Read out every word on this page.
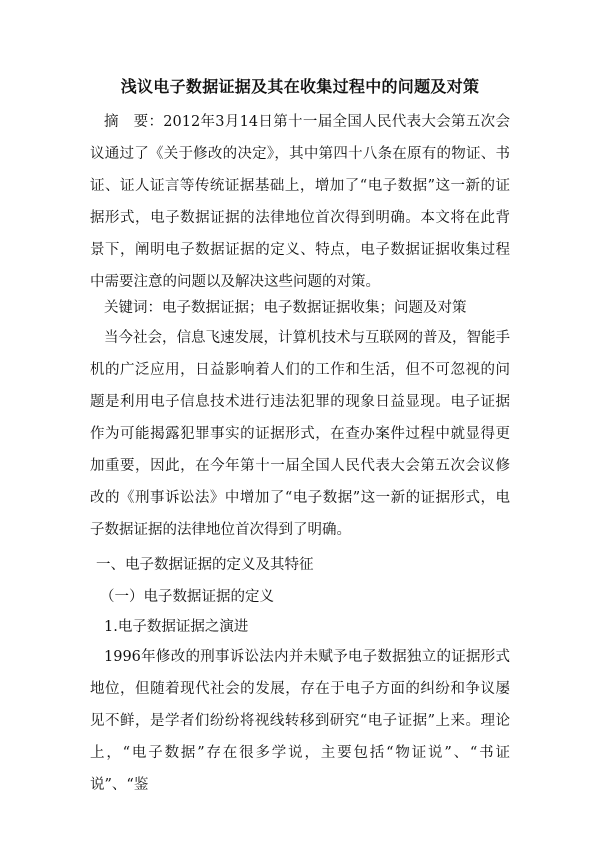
浅议电子数据证据及其在收集过程中的问题及对策

摘　要：2012年3月14日第十一届全国人民代表大会第五次会议通过了《关于修改的决定》，其中第四十八条在原有的物证、书证、证人证言等传统证据基础上，增加了“电子数据”这一新的证据形式，电子数据证据的法律地位首次得到明确。本文将在此背景下，阐明电子数据证据的定义、特点，电子数据证据收集过程中需要注意的问题以及解决这些问题的对策。

关键词：电子数据证据；电子数据证据收集；问题及对策

当今社会，信息飞速发展，计算机技术与互联网的普及，智能手机的广泛应用，日益影响着人们的工作和生活，但不可忽视的问题是利用电子信息技术进行违法犯罪的现象日益显现。电子证据作为可能揭露犯罪事实的证据形式，在查办案件过程中就显得更加重要，因此，在今年第十一届全国人民代表大会第五次会议修改的《刑事诉讼法》中增加了“电子数据”这一新的证据形式，电子数据证据的法律地位首次得到了明确。

一、电子数据证据的定义及其特征
（一）电子数据证据的定义
1.电子数据证据之演进

1996年修改的刑事诉讼法内并未赋予电子数据独立的证据形式地位，但随着现代社会的发展，存在于电子方面的纠纷和争议屡见不鲜，是学者们纷纷将视线转移到研究“电子证据”上来。理论上，“电子数据”存在很多学说，主要包括“物证说”、“书证说”、“鉴
